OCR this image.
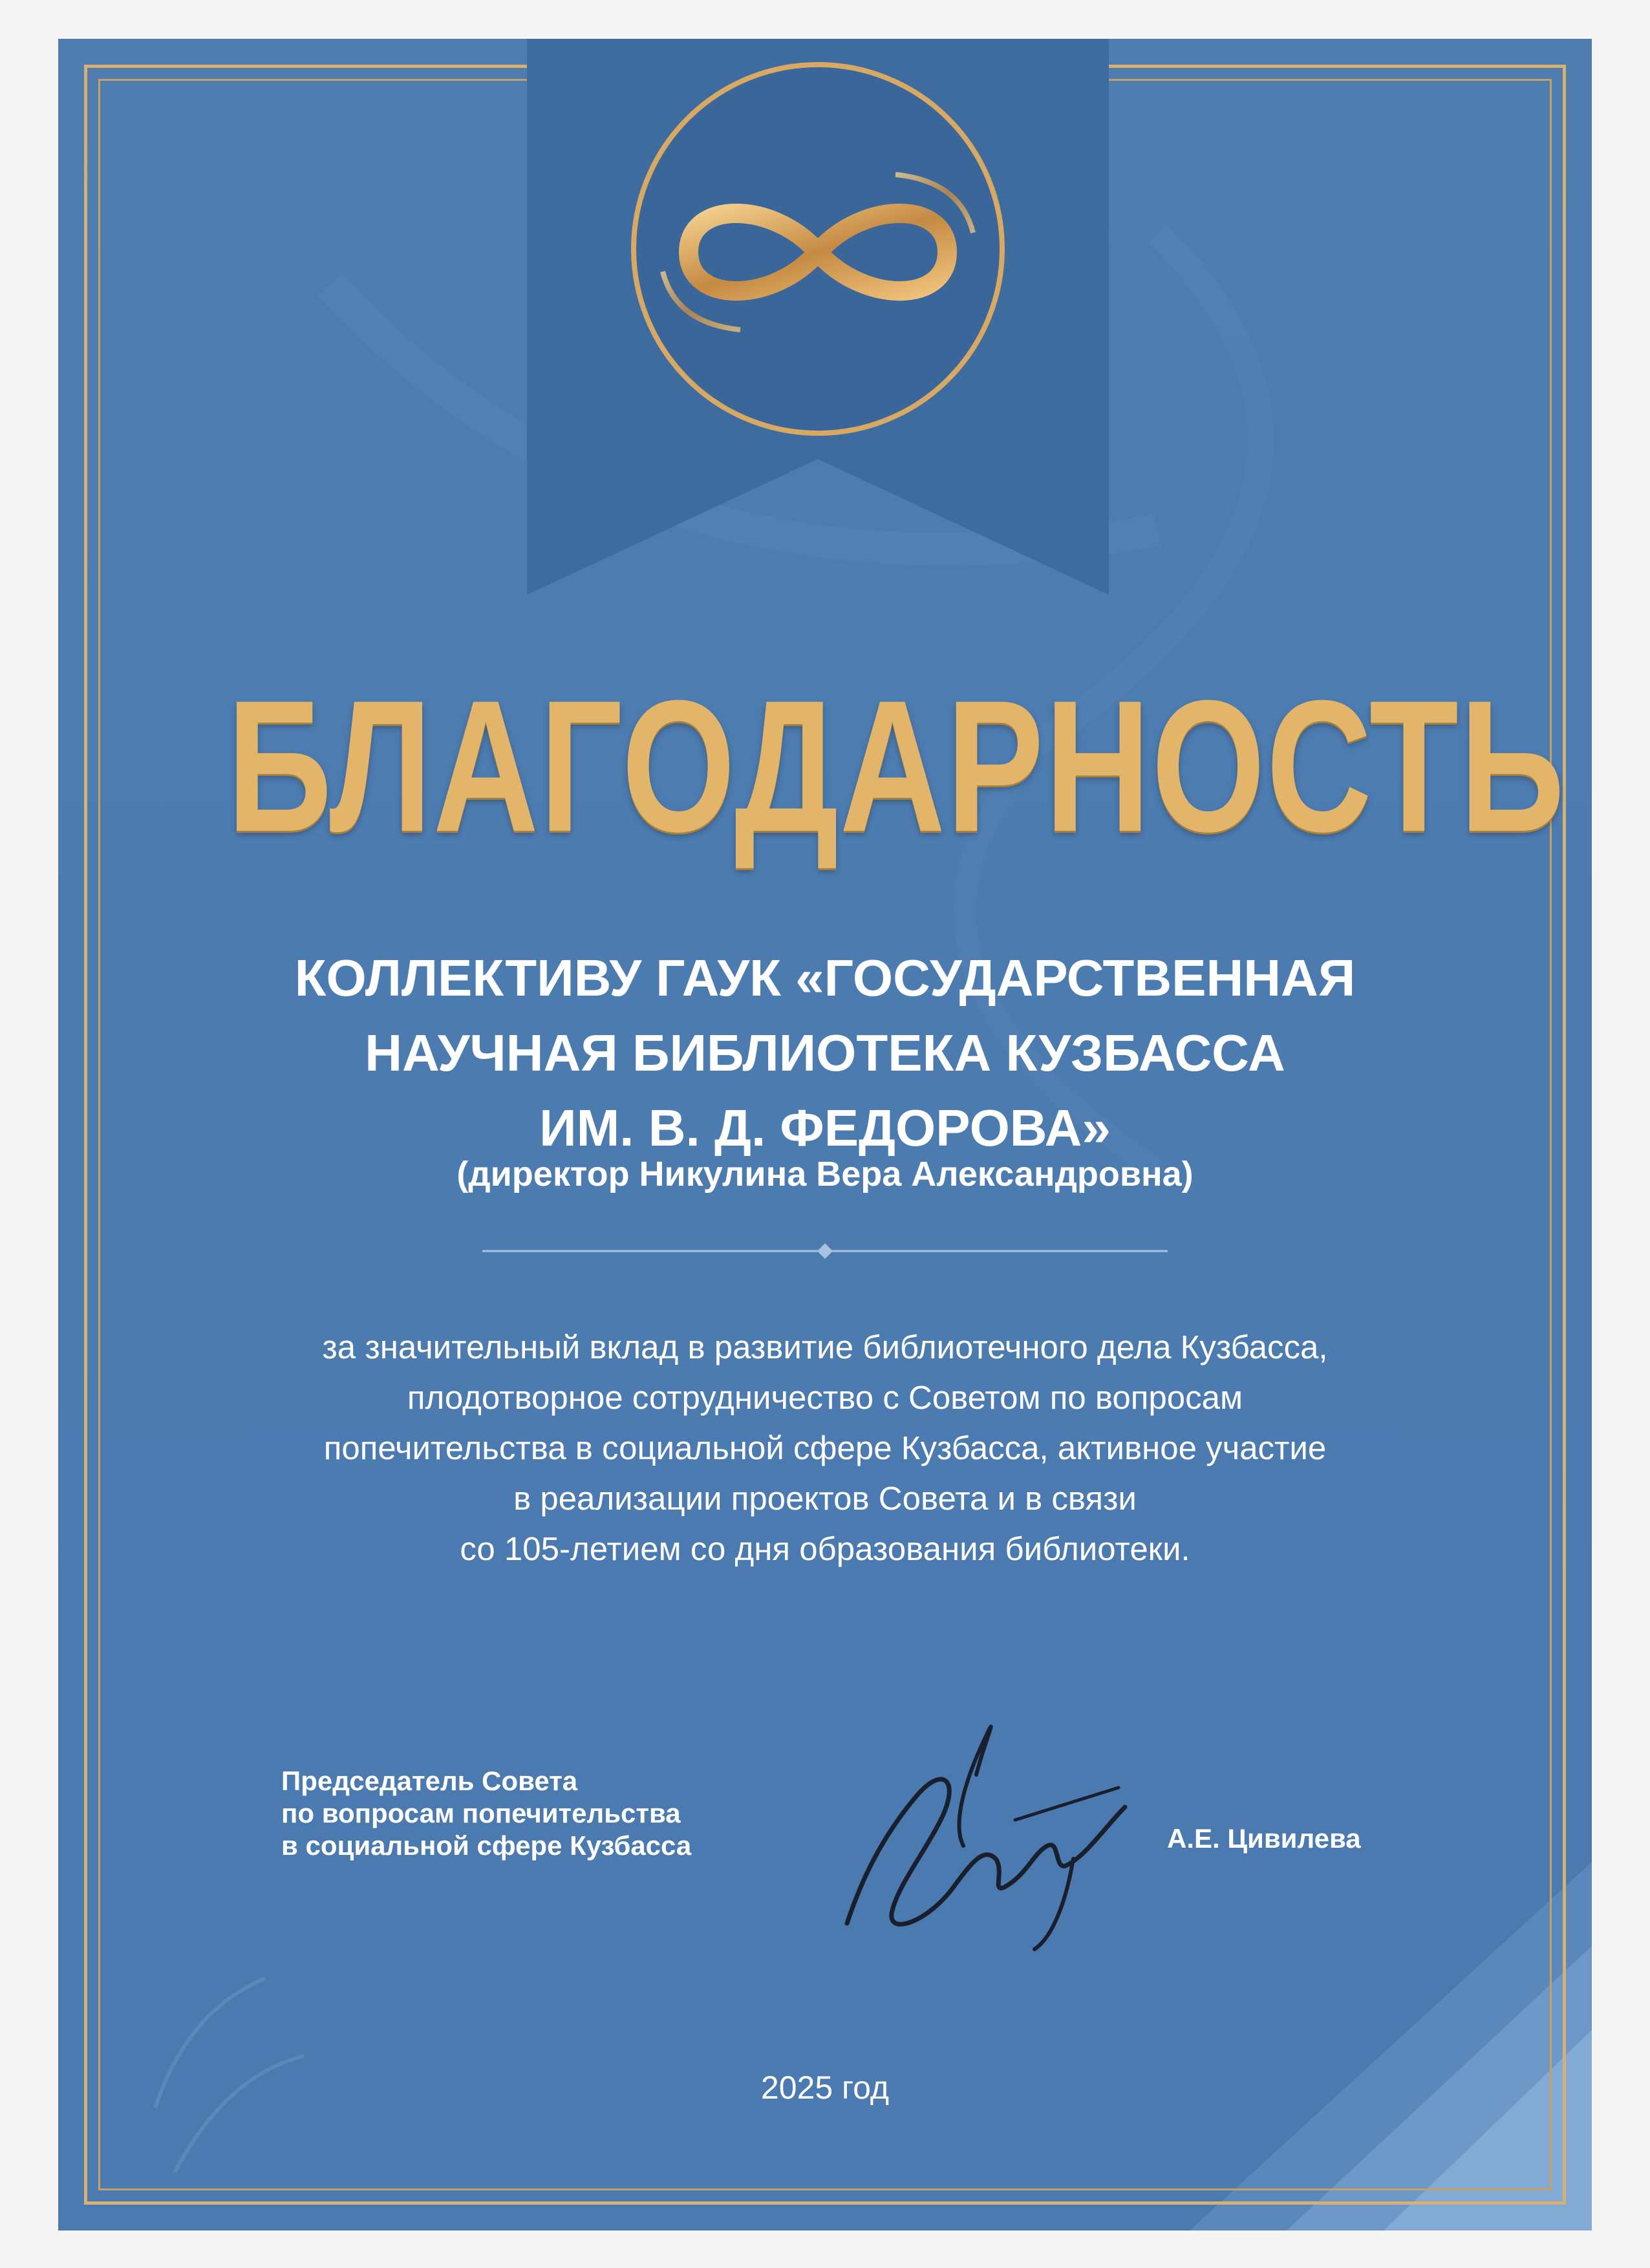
БЛАГОДАРНОСТЬ
КОЛЛЕКТИВУ ГАУК «ГОСУДАРСТВЕННАЯ
НАУЧНАЯ БИБЛИОТЕКА КУЗБАССА
ИМ. В. Д. ФЕДОРОВА»
(директор Никулина Вера Александровна)
за значительный вклад в развитие библиотечного дела Кузбасса,
плодотворное сотрудничество с Советом по вопросам
попечительства в социальной сфере Кузбасса, активное участие
в реализации проектов Совета и в связи
со 105-летием со дня образования библиотеки.
Председатель Совета
по вопросам попечительства
в социальной сфере Кузбасса	А.Е. Цивилева
2025 год
